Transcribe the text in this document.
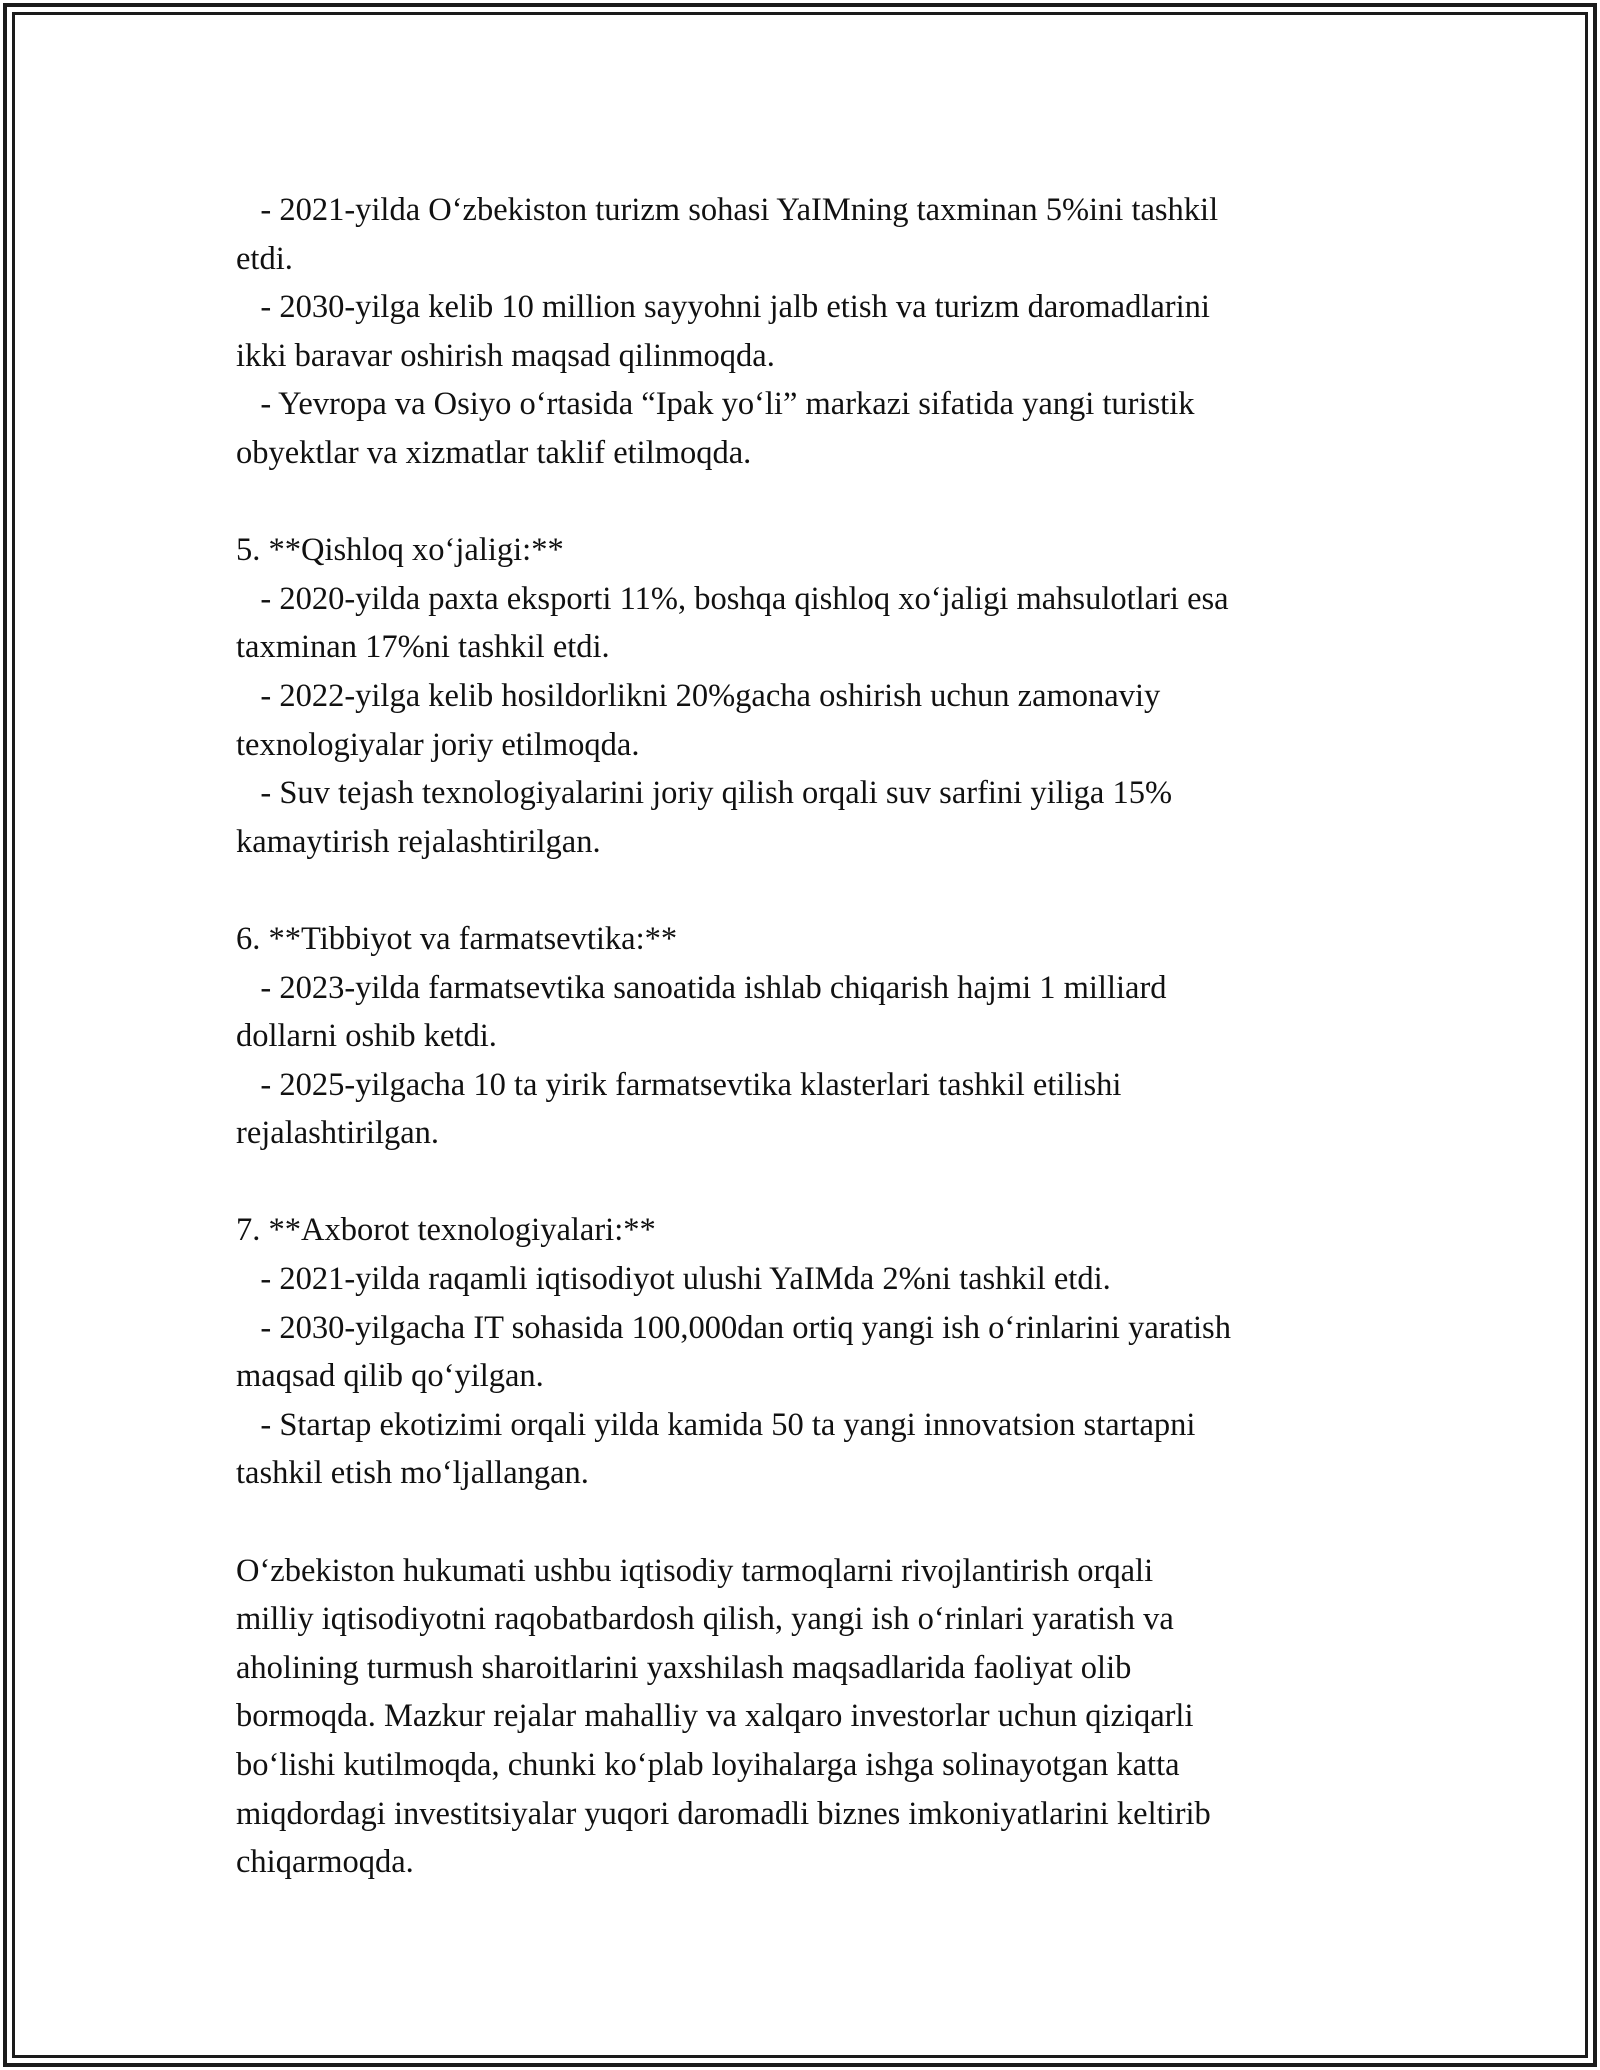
- 2021-yilda O‘zbekiston turizm sohasi YaIMning taxminan 5%ini tashkil
etdi.
- 2030-yilga kelib 10 million sayyohni jalb etish va turizm daromadlarini
ikki baravar oshirish maqsad qilinmoqda.
- Yevropa va Osiyo o‘rtasida “Ipak yo‘li” markazi sifatida yangi turistik
obyektlar va xizmatlar taklif etilmoqda.
5. **Qishloq xo‘jaligi:**
- 2020-yilda paxta eksporti 11%, boshqa qishloq xo‘jaligi mahsulotlari esa
taxminan 17%ni tashkil etdi.
- 2022-yilga kelib hosildorlikni 20%gacha oshirish uchun zamonaviy
texnologiyalar joriy etilmoqda.
- Suv tejash texnologiyalarini joriy qilish orqali suv sarfini yiliga 15%
kamaytirish rejalashtirilgan.
6. **Tibbiyot va farmatsevtika:**
- 2023-yilda farmatsevtika sanoatida ishlab chiqarish hajmi 1 milliard
dollarni oshib ketdi.
- 2025-yilgacha 10 ta yirik farmatsevtika klasterlari tashkil etilishi
rejalashtirilgan.
7. **Axborot texnologiyalari:**
- 2021-yilda raqamli iqtisodiyot ulushi YaIMda 2%ni tashkil etdi.
- 2030-yilgacha IT sohasida 100,000dan ortiq yangi ish o‘rinlarini yaratish
maqsad qilib qo‘yilgan.
- Startap ekotizimi orqali yilda kamida 50 ta yangi innovatsion startapni
tashkil etish mo‘ljallangan.
O‘zbekiston hukumati ushbu iqtisodiy tarmoqlarni rivojlantirish orqali
milliy iqtisodiyotni raqobatbardosh qilish, yangi ish o‘rinlari yaratish va
aholining turmush sharoitlarini yaxshilash maqsadlarida faoliyat olib
bormoqda. Mazkur rejalar mahalliy va xalqaro investorlar uchun qiziqarli
bo‘lishi kutilmoqda, chunki ko‘plab loyihalarga ishga solinayotgan katta
miqdordagi investitsiyalar yuqori daromadli biznes imkoniyatlarini keltirib
chiqarmoqda.
